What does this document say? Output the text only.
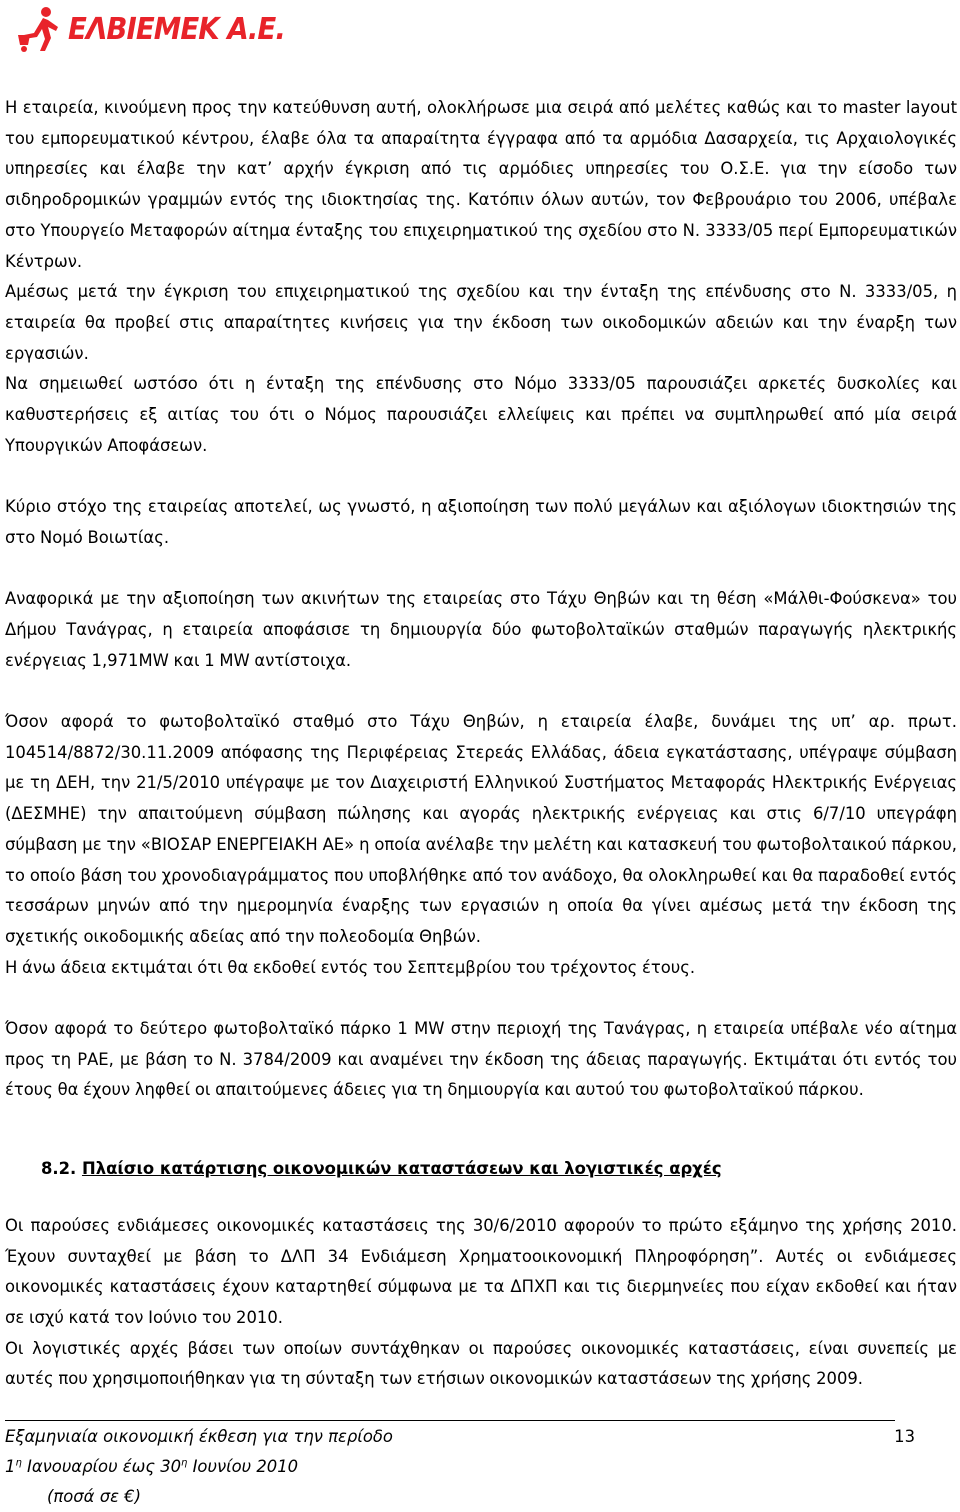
ΕΛΒΙΕΜΕΚ Α.Ε.

Η εταιρεία, κινούμενη προς την κατεύθυνση αυτή, ολοκλήρωσε μια σειρά από μελέτες καθώς και το master layout του εμπορευματικού κέντρου, έλαβε όλα τα απαραίτητα έγγραφα από τα αρμόδια Δασαρχεία, τις Αρχαιολογικές υπηρεσίες και έλαβε την κατ’ αρχήν έγκριση από τις αρμόδιες υπηρεσίες του Ο.Σ.Ε. για την είσοδο των σιδηροδρομικών γραμμών εντός της ιδιοκτησίας της. Κατόπιν όλων αυτών, τον Φεβρουάριο του 2006, υπέβαλε στο Υπουργείο Μεταφορών αίτημα ένταξης του επιχειρηματικού της σχεδίου στο Ν. 3333/05 περί Εμπορευματικών Κέντρων.

Αμέσως μετά την έγκριση του επιχειρηματικού της σχεδίου και την ένταξη της επένδυσης στο Ν. 3333/05, η εταιρεία θα προβεί στις απαραίτητες κινήσεις για την έκδοση των οικοδομικών αδειών και την έναρξη των εργασιών.

Να σημειωθεί ωστόσο ότι η ένταξη της επένδυσης στο Νόμο 3333/05 παρουσιάζει αρκετές δυσκολίες και καθυστερήσεις εξ αιτίας του ότι ο Νόμος παρουσιάζει ελλείψεις και πρέπει να συμπληρωθεί από μία σειρά Υπουργικών Αποφάσεων.

Κύριο στόχο της εταιρείας αποτελεί, ως γνωστό, η αξιοποίηση των πολύ μεγάλων και αξιόλογων ιδιοκτησιών της στο Νομό Βοιωτίας.

Αναφορικά με την αξιοποίηση των ακινήτων της εταιρείας στο Τάχυ Θηβών και τη θέση «Μάλθι-Φούσκενα» του Δήμου Τανάγρας, η εταιρεία αποφάσισε τη δημιουργία δύο φωτοβολταϊκών σταθμών παραγωγής ηλεκτρικής ενέργειας 1,971MW και 1 MW αντίστοιχα.

Όσον αφορά το φωτοβολταϊκό σταθμό στο Τάχυ Θηβών, η εταιρεία έλαβε, δυνάμει της υπ’ αρ. πρωτ. 104514/8872/30.11.2009 απόφασης της Περιφέρειας Στερεάς Ελλάδας, άδεια εγκατάστασης, υπέγραψε σύμβαση με τη ΔΕΗ, την 21/5/2010 υπέγραψε με τον Διαχειριστή Ελληνικού Συστήματος Μεταφοράς Ηλεκτρικής Ενέργειας (ΔΕΣΜΗΕ) την απαιτούμενη σύμβαση πώλησης και αγοράς ηλεκτρικής ενέργειας και στις 6/7/10 υπεγράφη σύμβαση με την «ΒΙΟΣΑΡ ΕΝΕΡΓΕΙΑΚΗ ΑΕ» η οποία ανέλαβε την μελέτη και κατασκευή του φωτοβολταικού πάρκου, το οποίο βάση του χρονοδιαγράμματος που υποβλήθηκε από τον ανάδοχο, θα ολοκληρωθεί και θα παραδοθεί εντός τεσσάρων μηνών από την ημερομηνία έναρξης των εργασιών η οποία θα γίνει αμέσως μετά την έκδοση της σχετικής οικοδομικής αδείας από την πολεοδομία Θηβών.

Η άνω άδεια εκτιμάται ότι θα εκδοθεί εντός του Σεπτεμβρίου του τρέχοντος έτους.

Όσον αφορά το δεύτερο φωτοβολταϊκό πάρκο 1 MW στην περιοχή της Τανάγρας, η εταιρεία υπέβαλε νέο αίτημα προς τη ΡΑΕ, με βάση το Ν. 3784/2009 και αναμένει την έκδοση της άδειας παραγωγής. Εκτιμάται ότι εντός του έτους θα έχουν ληφθεί οι απαιτούμενες άδειες για τη δημιουργία και αυτού του φωτοβολταϊκού πάρκου.

8.2. Πλαίσιο κατάρτισης οικονομικών καταστάσεων και λογιστικές αρχές

Οι παρούσες ενδιάμεσες οικονομικές καταστάσεις της 30/6/2010 αφορούν το πρώτο εξάμηνο της χρήσης 2010. Έχουν συνταχθεί με βάση το ΔΛΠ 34 Ενδιάμεση Χρηματοοικονομική Πληροφόρηση”. Αυτές οι ενδιάμεσες οικονομικές καταστάσεις έχουν καταρτηθεί σύμφωνα με τα ΔΠΧΠ και τις διερμηνείες που είχαν εκδοθεί και ήταν σε ισχύ κατά τον Ιούνιο του 2010.

Οι λογιστικές αρχές βάσει των οποίων συντάχθηκαν οι παρούσες οικονομικές καταστάσεις, είναι συνεπείς με αυτές που χρησιμοποιήθηκαν για τη σύνταξη των ετήσιων οικονομικών καταστάσεων της χρήσης 2009.

Εξαμηνιαία οικονομική έκθεση για την περίοδο	13
$1^\eta$ Ιανουαρίου έως $30^\eta$ Ιουνίου 2010
(ποσά σε €)
